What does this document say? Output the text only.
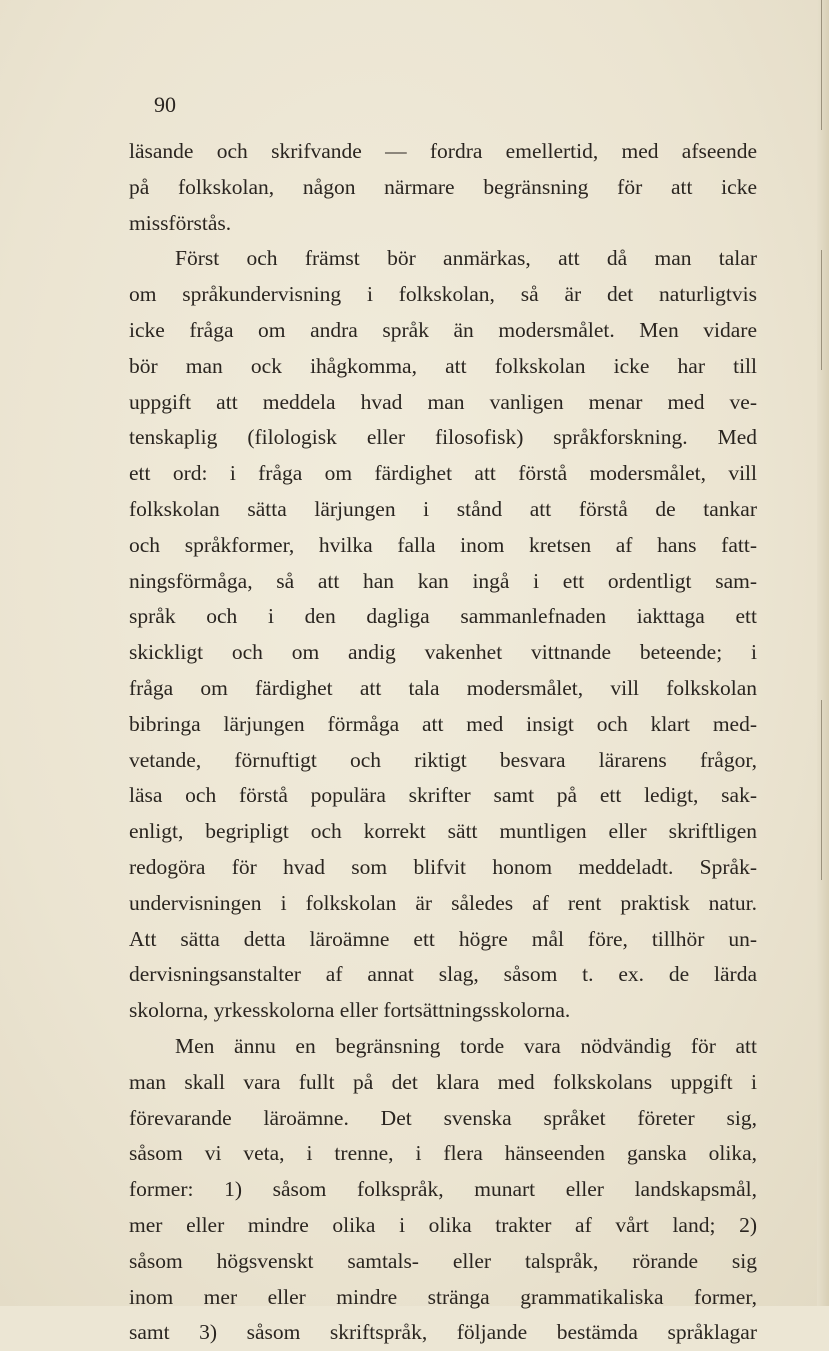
90
läsande och skrifvande — fordra emellertid, med afseende
på folkskolan, någon närmare begränsning för att icke
missförstås.
Först och främst bör anmärkas, att då man talar
om språkundervisning i folkskolan, så är det naturligtvis
icke fråga om andra språk än modersmålet. Men vidare
bör man ock ihågkomma, att folkskolan icke har till
uppgift att meddela hvad man vanligen menar med ve-
tenskaplig (filologisk eller filosofisk) språkforskning. Med
ett ord: i fråga om färdighet att förstå modersmålet, vill
folkskolan sätta lärjungen i stånd att förstå de tankar
och språkformer, hvilka falla inom kretsen af hans fatt-
ningsförmåga, så att han kan ingå i ett ordentligt sam-
språk och i den dagliga sammanlefnaden iakttaga ett
skickligt och om andig vakenhet vittnande beteende; i
fråga om färdighet att tala modersmålet, vill folkskolan
bibringa lärjungen förmåga att med insigt och klart med-
vetande, förnuftigt och riktigt besvara lärarens frågor,
läsa och förstå populära skrifter samt på ett ledigt, sak-
enligt, begripligt och korrekt sätt muntligen eller skriftligen
redogöra för hvad som blifvit honom meddeladt. Språk-
undervisningen i folkskolan är således af rent praktisk natur.
Att sätta detta läroämne ett högre mål före, tillhör un-
dervisningsanstalter af annat slag, såsom t. ex. de lärda
skolorna, yrkesskolorna eller fortsättningsskolorna.
Men ännu en begränsning torde vara nödvändig för att
man skall vara fullt på det klara med folkskolans uppgift i
förevarande läroämne. Det svenska språket företer sig,
såsom vi veta, i trenne, i flera hänseenden ganska olika,
former: 1) såsom folkspråk, munart eller landskapsmål,
mer eller mindre olika i olika trakter af vårt land; 2)
såsom högsvenskt samtals- eller talspråk, rörande sig
inom mer eller mindre stränga grammatikaliska former,
samt 3) såsom skriftspråk, följande bestämda språklagar
